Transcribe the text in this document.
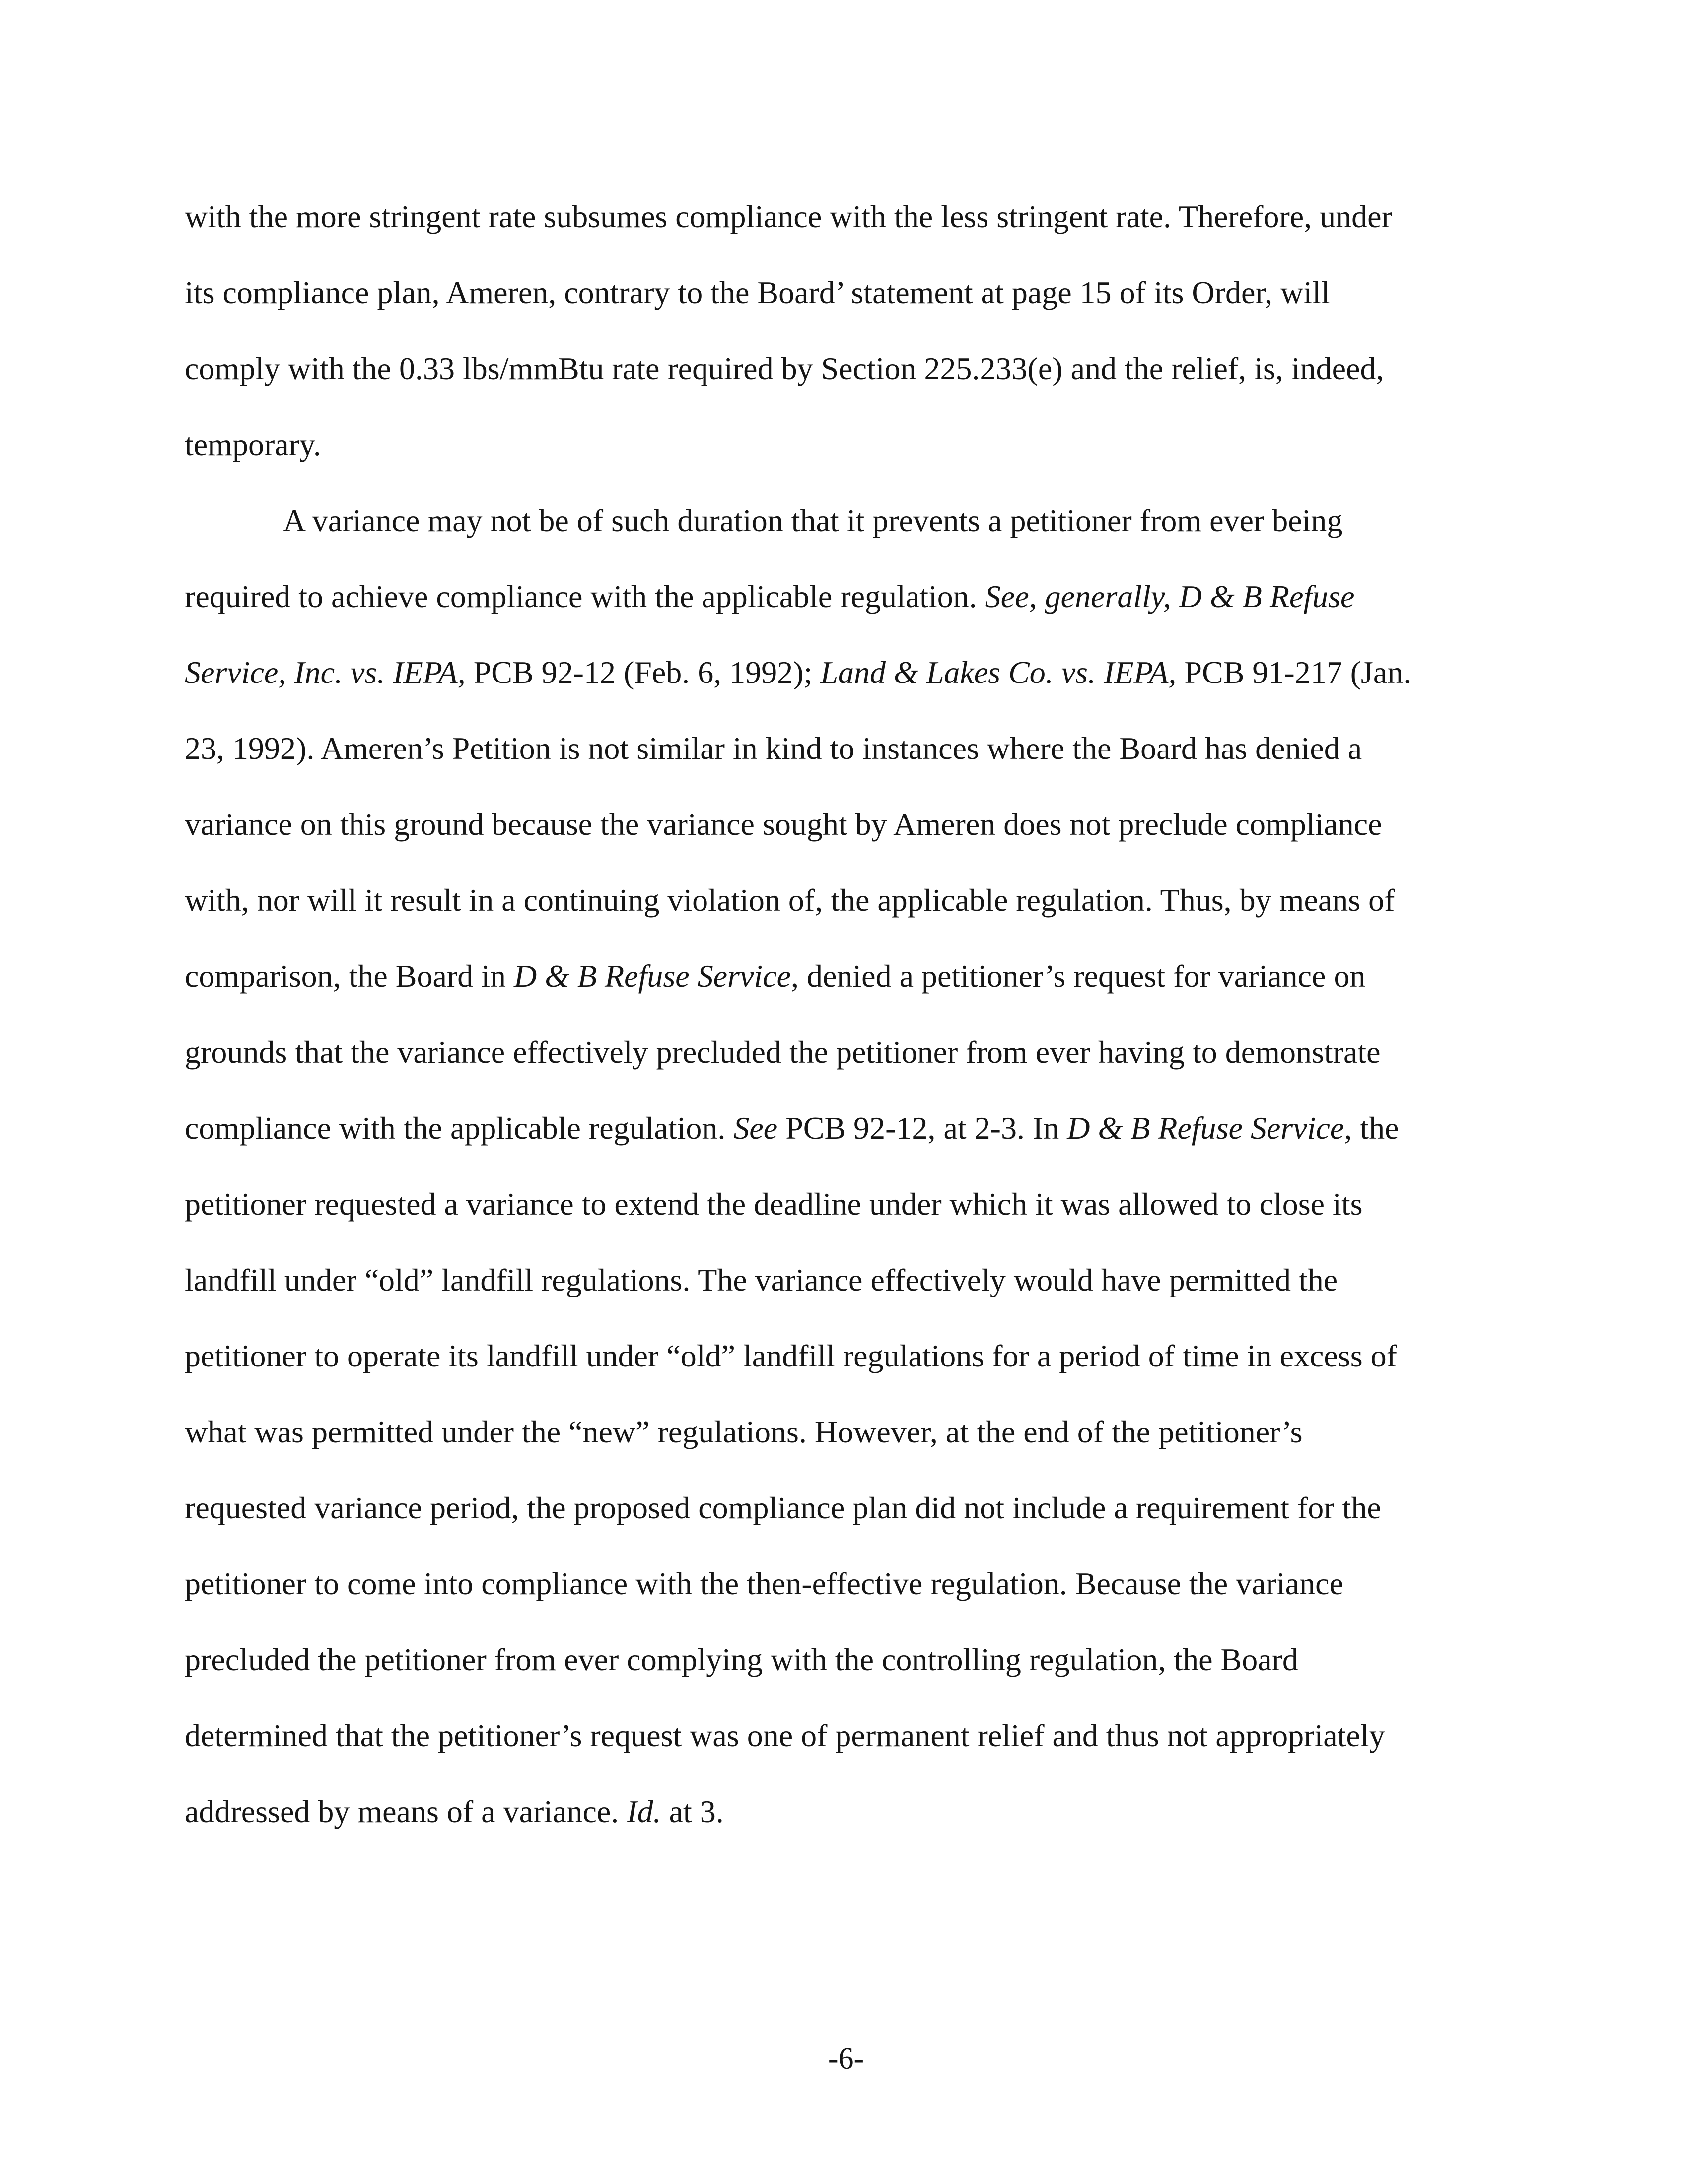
with the more stringent rate subsumes compliance with the less stringent rate. Therefore, under
its compliance plan, Ameren, contrary to the Board’ statement at page 15 of its Order, will
comply with the 0.33 lbs/mmBtu rate required by Section 225.233(e) and the relief, is, indeed,
temporary.
A variance may not be of such duration that it prevents a petitioner from ever being
required to achieve compliance with the applicable regulation. See, generally, D & B Refuse
Service, Inc. vs. IEPA, PCB 92-12 (Feb. 6, 1992); Land & Lakes Co. vs. IEPA, PCB 91-217 (Jan.
23, 1992). Ameren’s Petition is not similar in kind to instances where the Board has denied a
variance on this ground because the variance sought by Ameren does not preclude compliance
with, nor will it result in a continuing violation of, the applicable regulation. Thus, by means of
comparison, the Board in D & B Refuse Service, denied a petitioner’s request for variance on
grounds that the variance effectively precluded the petitioner from ever having to demonstrate
compliance with the applicable regulation. See PCB 92-12, at 2-3. In D & B Refuse Service, the
petitioner requested a variance to extend the deadline under which it was allowed to close its
landfill under “old” landfill regulations. The variance effectively would have permitted the
petitioner to operate its landfill under “old” landfill regulations for a period of time in excess of
what was permitted under the “new” regulations. However, at the end of the petitioner’s
requested variance period, the proposed compliance plan did not include a requirement for the
petitioner to come into compliance with the then-effective regulation. Because the variance
precluded the petitioner from ever complying with the controlling regulation, the Board
determined that the petitioner’s request was one of permanent relief and thus not appropriately
addressed by means of a variance. Id. at 3.
-6-
